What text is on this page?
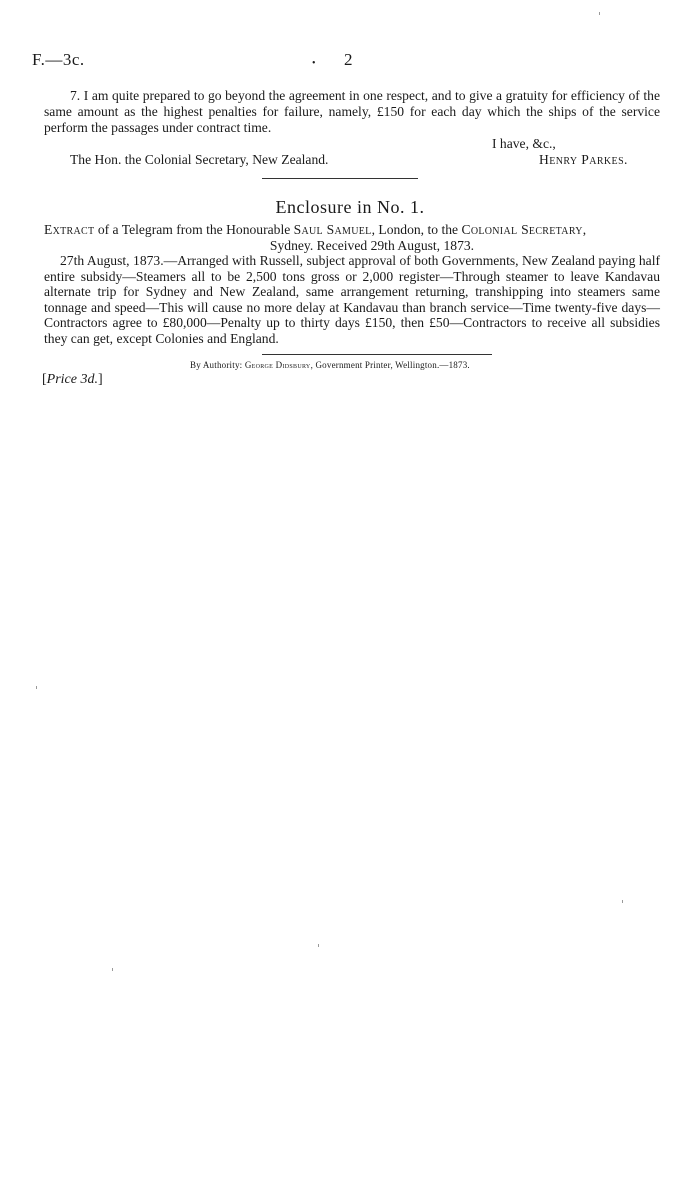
F.—3c.	• 2

7. I am quite prepared to go beyond the agreement in one respect, and to give a gratuity for efficiency of the same amount as the highest penalties for failure, namely, £150 for each day which the ships of the service perform the passages under contract time.

I have, &c.,
The Hon. the Colonial Secretary, New Zealand.	Henry Parkes.
Enclosure in No. 1.

Extract of a Telegram from the Honourable Saul Samuel, London, to the Colonial Secretary,

Sydney. Received 29th August, 1873.

27th August, 1873.—Arranged with Russell, subject approval of both Governments, New Zealand paying half entire subsidy—Steamers all to be 2,500 tons gross or 2,000 register—Through steamer to leave Kandavau alternate trip for Sydney and New Zealand, same arrangement returning, transhipping into steamers same tonnage and speed—This will cause no more delay at Kandavau than branch service—Time twenty-five days—Contractors agree to £80,000—Penalty up to thirty days £150, then £50—Contractors to receive all subsidies they can get, except Colonies and England.

By Authority: George Didsbury, Government Printer, Wellington.—1873.
[Price 3d.]
